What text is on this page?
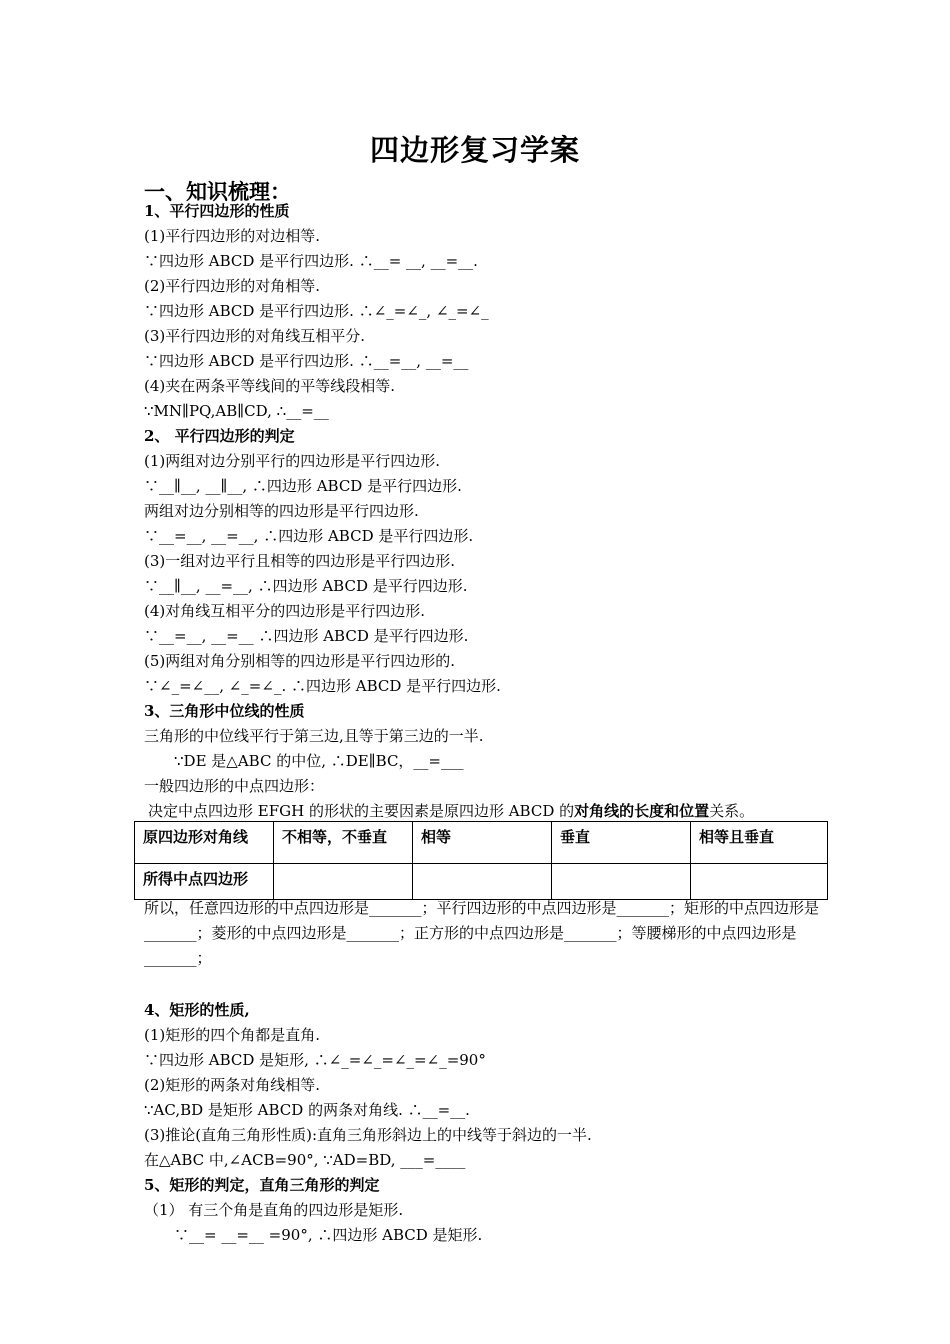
四边形复习学案
一、知识梳理：
1、平行四边形的性质
(1)平行四边形的对边相等.
∵四边形 ABCD 是平行四边形. ∴__= __, __=__.
(2)平行四边形的对角相等.
∵四边形 ABCD 是平行四边形. ∴∠_=∠_, ∠_=∠_
(3)平行四边形的对角线互相平分.
∵四边形 ABCD 是平行四边形. ∴__=__, __=__
(4)夹在两条平等线间的平等线段相等.
∵MN∥PQ,AB∥CD, ∴__=__
2、 平行四边形的判定
(1)两组对边分别平行的四边形是平行四边形.
∵__∥__, __∥__, ∴四边形 ABCD 是平行四边形.
两组对边分别相等的四边形是平行四边形.
∵__=__, __=__, ∴四边形 ABCD 是平行四边形.
(3)一组对边平行且相等的四边形是平行四边形.
∵__∥__, __=__, ∴四边形 ABCD 是平行四边形.
(4)对角线互相平分的四边形是平行四边形.
∵__=__, __=__ ∴四边形 ABCD 是平行四边形.
(5)两组对角分别相等的四边形是平行四边形的.
∵∠_=∠__, ∠_=∠_. ∴四边形 ABCD 是平行四边形.
3、三角形中位线的性质
三角形的中位线平行于第三边,且等于第三边的一半.
∵DE 是△ABC 的中位, ∴DE∥BC，__=___
一般四边形的中点四边形：
决定中点四边形 EFGH 的形状的主要因素是原四边形 ABCD 的对角线的长度和位置关系。
原四边形对角线	不相等，不垂直	相等	垂直	相等且垂直
所得中点四边形				
所以，任意四边形的中点四边形是_______；平行四边形的中点四边形是_______；矩形的中点四边形是_______；菱形的中点四边形是_______；正方形的中点四边形是_______；等腰梯形的中点四边形是_______；
4、矩形的性质,
(1)矩形的四个角都是直角.
∵四边形 ABCD 是矩形, ∴∠_=∠_=∠_=∠_=90°
(2)矩形的两条对角线相等.
∵AC,BD 是矩形 ABCD 的两条对角线. ∴__=__.
(3)推论(直角三角形性质):直角三角形斜边上的中线等于斜边的一半.
在△ABC 中,∠ACB=90°, ∵AD=BD, ___=____
5、矩形的判定，直角三角形的判定
（1） 有三个角是直角的四边形是矩形.
∵__= __=__ =90°, ∴四边形 ABCD 是矩形.
